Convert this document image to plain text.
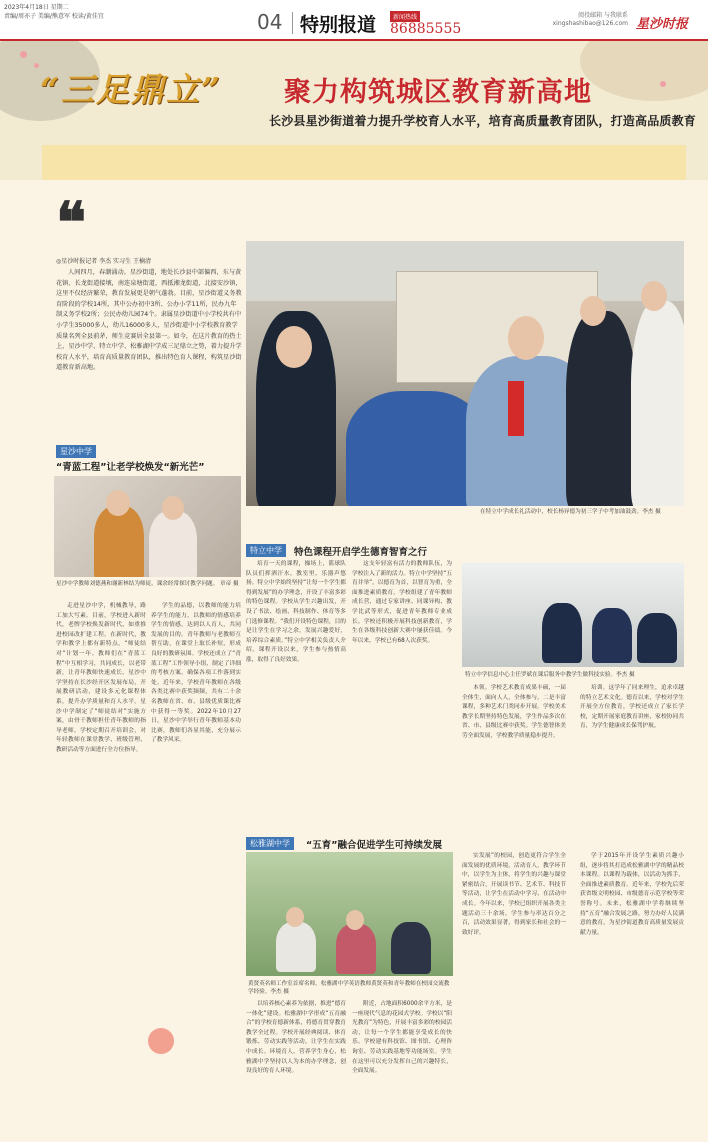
2023年4月18日 星期二
责编/周亦子 美编/熊意军 校读/黄佳宜	04 特别报道	新闻热线
86885555
阅投邮箱 与我联系
xingshashibao@126.com 星沙时报
“三足鼎立” 聚力构筑城区教育新高地
长沙县星沙街道着力提升学校育人水平，培育高质量教育团队，打造高品质教育
❝
◎星沙时报记者 李杰 实习生 王楠清
人间四月，春潮涌动。星沙街道，地处长沙县中部偏西，东与黄花镇、长龙街道接壤，南连泉塘街道，西抵湘龙街道，北接安沙镇，这里不仅经济繁荣，教育发展更是朝气蓬勃。目前，星沙街道义务教育阶段的学校14所，其中公办初中3所、公办小学11所，民办九年制义务学校2所；公民办幼儿园74个。隶属星沙街道中小学校共有中小学生35000多人，幼儿16000多人，星沙街道中小学校教育教学质量名列全县前茅，师生竞赛居全县第一。如今，在这片教育的热土上，星沙中学、特立中学、松雅湖中学成三足鼎立之势，着力提升学校育人水平，培育高质量教育团队，推出特色育人课程，构筑星沙街道教育新高地。
在特立中学成长礼活动中，校长杨异德为初三学子中考加油鼓劲。李杰 摄
星沙中学
“青蓝工程”让老学校焕发“新光芒”
星沙中学教师刘德燕和谢新林结为师徒，课余经常探讨教学问题。 章帝 摄
走进星沙中学，机械教导，路工加大写素。目前，学校进入新时代，老牌学校焕发新时代，如重推进校园改扩建工程。在新时代，教学和教学上都有新特点。“师徒结对”计划一年。教师们在“青蓝工程”中互相学习，共同成长，以老带新，让青年教师快速成长。星沙中学坚持在长沙经开区发展布局，开展教研活动，建设多元化课程体系，提升办学质量和育人水平。星沙中学制定了“师徒结对”实施方案，由骨干教师担任青年教师的指导老师，学校定期召开培训会，对年轻教师在课堂教学、班级管理、教研活动等方面进行全方位指导。
学生的品德，以教师的能力培养学生的能力，以教师的情感培养学生的情感，达到以人育人，共同发展的目的。青年教师与老教师互帮互助，在课堂上取长补短，形成良好的教研氛围。学校还成立了“青蓝工程”工作领导小组，制定了详细的考核方案，确保各项工作落到实处。近年来，学校青年教师在各级各类比赛中获奖频频，共有二十余名教师在省、市、县级优质课比赛中获得一等奖。2022年10月27日，星沙中学举行青年教师基本功比赛，教师们各显其能，充分展示了教学风采。
特立中学	特色课程开启学生德育智育之行
培育一天的课程，操场上，篮球队队员们挥洒汗水，教室里，乐器声悠扬。特立中学始终坚持“让每一个学生都得到发展”的办学理念，开设了丰富多彩的特色课程。学校从学生兴趣出发，开设了书法、绘画、科技制作、体育等多门选修课程。“我们开设特色课程，目的是让学生在学习之余，发展兴趣爱好，培养综合素质。”特立中学相关负责人介绍，课程开设以来，学生参与热情高涨，取得了良好效果。
这支年轻富有活力的教师队伍，为学校注入了新的活力。特立中学坚持“五育并举”，以德育为首，以智育为重，全面推进素质教育。学校组建了青年教师成长营，通过专家讲座、同课异构、教学比武等形式，促进青年教师专业成长。学校还积极开展科技创新教育，学生在各级科技创新大赛中屡获佳绩。今年以来，学校已有68人次获奖。
特立中学信息中心主任罗斌在课后服务中教学生做科技实验。李杰 摄
本领。学校艺术教育成果丰硕，一届全体生，面向人人，全体参与，二是丰富课程，多种艺术门类同步开展。学校美术教学长期坚持特色发展，学生作品多次在省、市、县级比赛中获奖。学生德智体美劳全面发展，学校教学质量稳步提升。
培训。这学年了同来理生，追求卓越的特立艺术文化。德育以来，学校对学生开展全方位教育，学校还成立了家长学校，定期开展家庭教育讲座，家校协同共育，为学生健康成长保驾护航。
松雅湖中学	“五育”融合促进学生可持续发展
黄贤英名师工作室首席名师，松雅湖中学英语教师黄贤英和青年教师在校园交流教学经验。李杰 摄
以培养核心素养为依据，推进“德育一体化”建设。松雅湖中学形成“五育融合”的学校育德新体系，将德育贯穿教育教学全过程。学校开展经典阅读、体育锻炼、劳动实践等活动，让学生在实践中成长。环境育人，营养学生身心，松雅湖中学坚持以人为本的办学理念，创设良好的育人环境。
附近，占地面积6000余平方米，是一座现代气息的花园式学校。学校以“阳光教育”为特色，开展丰富多彩的校园活动，让每一个学生都能享受成长的快乐。学校建有科技馆、图书馆、心理咨询室、劳动实践基地等功能场室。学生在这里可以充分发挥自己的兴趣特长，全面发展。
实发展”的校园，创造更符合学生全面发展的优质环境。活动育人，教学环节中，以学生为主体，将学生的兴趣与课堂紧密结合，开展读书节、艺术节、科技节等活动，让学生在活动中学习、在活动中成长。今年以来，学校已组织开展各类主题活动三十余场，学生参与率达百分之百，活动效果显著，得到家长和社会的一致好评。
学于2015年开设学生素质兴趣小组，逐步将其打造成松雅湖中学的精品校本课程。以课程为载体，以活动为抓手，全面推进素质教育。近年来，学校先后荣获省级文明校园、市级德育示范学校等荣誉称号。未来，松雅湖中学将继续坚持“五育”融合发展之路，努力办好人民满意的教育，为星沙街道教育高质量发展贡献力量。
